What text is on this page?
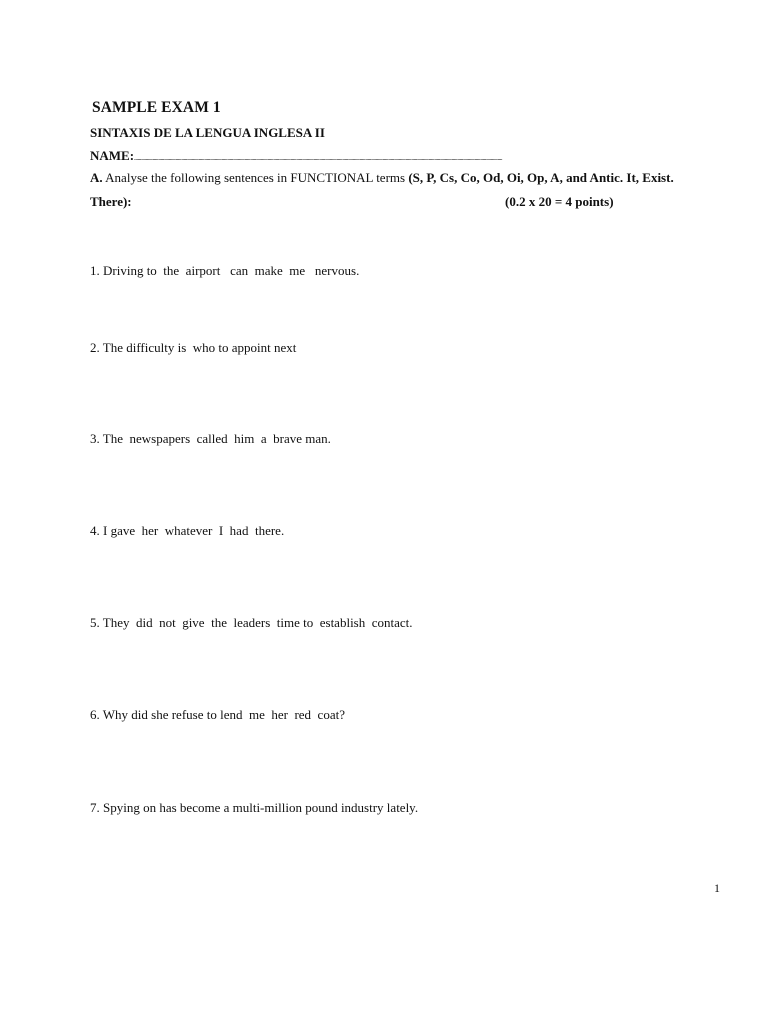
SAMPLE EXAM 1
SINTAXIS DE LA LENGUA INGLESA II
NAME:................................................................................................................................................................................................................................................................................................................................
A. Analyse the following sentences in FUNCTIONAL terms (S, P, Cs, Co, Od, Oi, Op, A, and Antic. It, Exist.
There):	(0.2 x 20 = 4 points)
1. Driving to  the  airport   can  make  me   nervous.
2. The difficulty is  who to appoint next
3. The  newspapers  called  him  a  brave man.
4. I gave  her  whatever  I  had  there.
5. They  did  not  give  the  leaders  time to  establish  contact.
6. Why did she refuse to lend  me  her  red  coat?
7. Spying on has become a multi-million pound industry lately.
1
